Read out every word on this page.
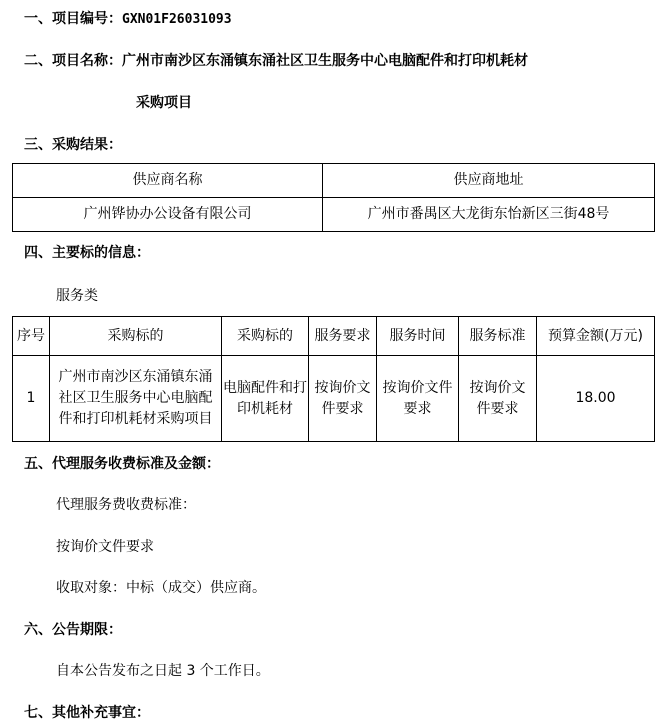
一、项目编号：GXN01F26031093
二、项目名称：广州市南沙区东涌镇东涌社区卫生服务中心电脑配件和打印机耗材
采购项目
三、采购结果：
供应商名称	供应商地址
广州铧协办公设备有限公司	广州市番禺区大龙街东怡新区三街48号
四、主要标的信息：
服务类
序号	采购标的	采购标的	服务要求	服务时间	服务标准	预算金额(万元)
1	广州市南沙区东涌镇东涌社区卫生服务中心电脑配件和打印机耗材采购项目	电脑配件和打印机耗材	按询价文件要求	按询价文件要求	按询价文件要求	18.00
五、代理服务收费标准及金额：
代理服务费收费标准：
按询价文件要求
收取对象：中标（成交）供应商。
六、公告期限：
自本公告发布之日起 3 个工作日。
七、其他补充事宜：
